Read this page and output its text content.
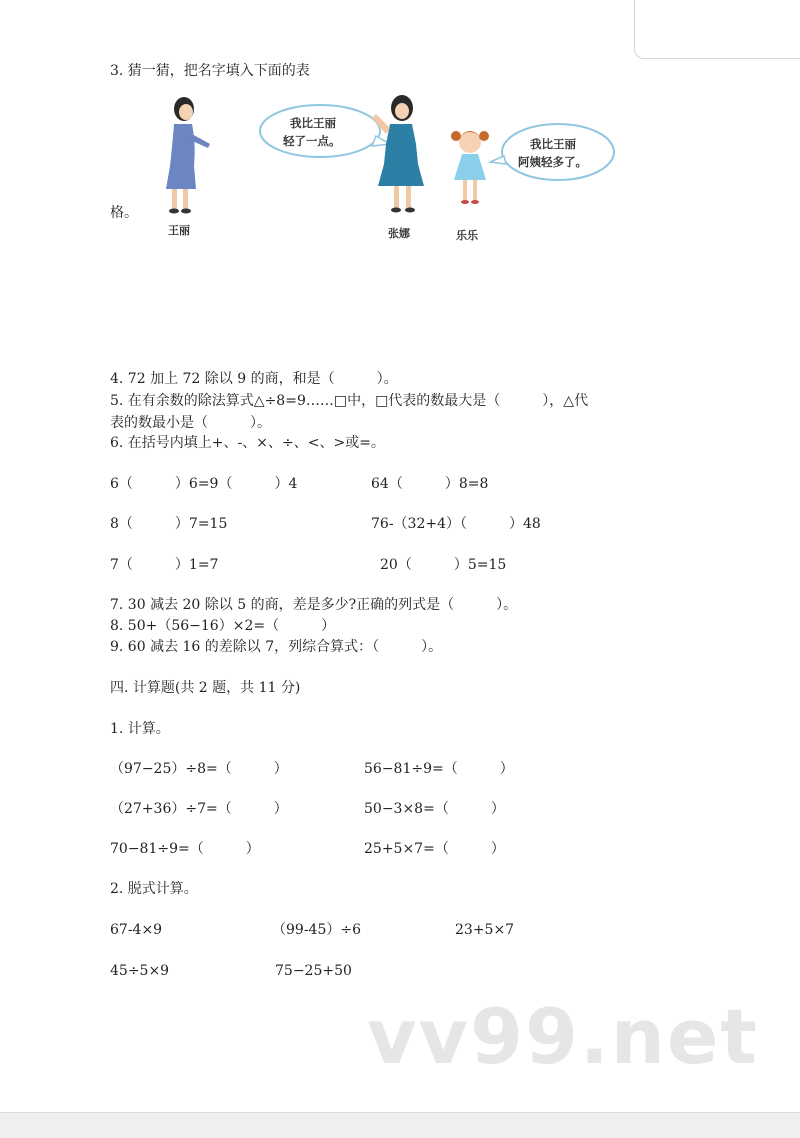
3. 猜一猜，把名字填入下面的表
我比王丽
轻了一点。	我比王丽
阿姨轻多了。
王丽	张娜	乐乐
格。
4. 72 加上 72 除以 9 的商，和是（　　　）。
5. 在有余数的除法算式△÷8=9……□中，□代表的数最大是（　　　），△代
表的数最小是（　　　）。
6. 在括号内填上+、-、×、÷、<、>或=。
6（　　　）6=9（　　　）4	64（　　　）8=8
8（　　　）7=15	76-（32+4）（　　　）48
7（　　　）1=7	20（　　　）5=15
7. 30 减去 20 除以 5 的商，差是多少?正确的列式是（　　　）。
8. 50+（56−16）×2=（　　　）
9. 60 减去 16 的差除以 7，列综合算式：（　　　）。
四. 计算题(共 2 题，共 11 分)
1. 计算。
（97−25）÷8=（　　　）	56−81÷9=（　　　）
（27+36）÷7=（　　　）	50−3×8=（　　　）
70−81÷9=（　　　）	25+5×7=（　　　）
2. 脱式计算。
67-4×9	（99-45）÷6	23+5×7
45÷5×9	75−25+50
vv99.net
